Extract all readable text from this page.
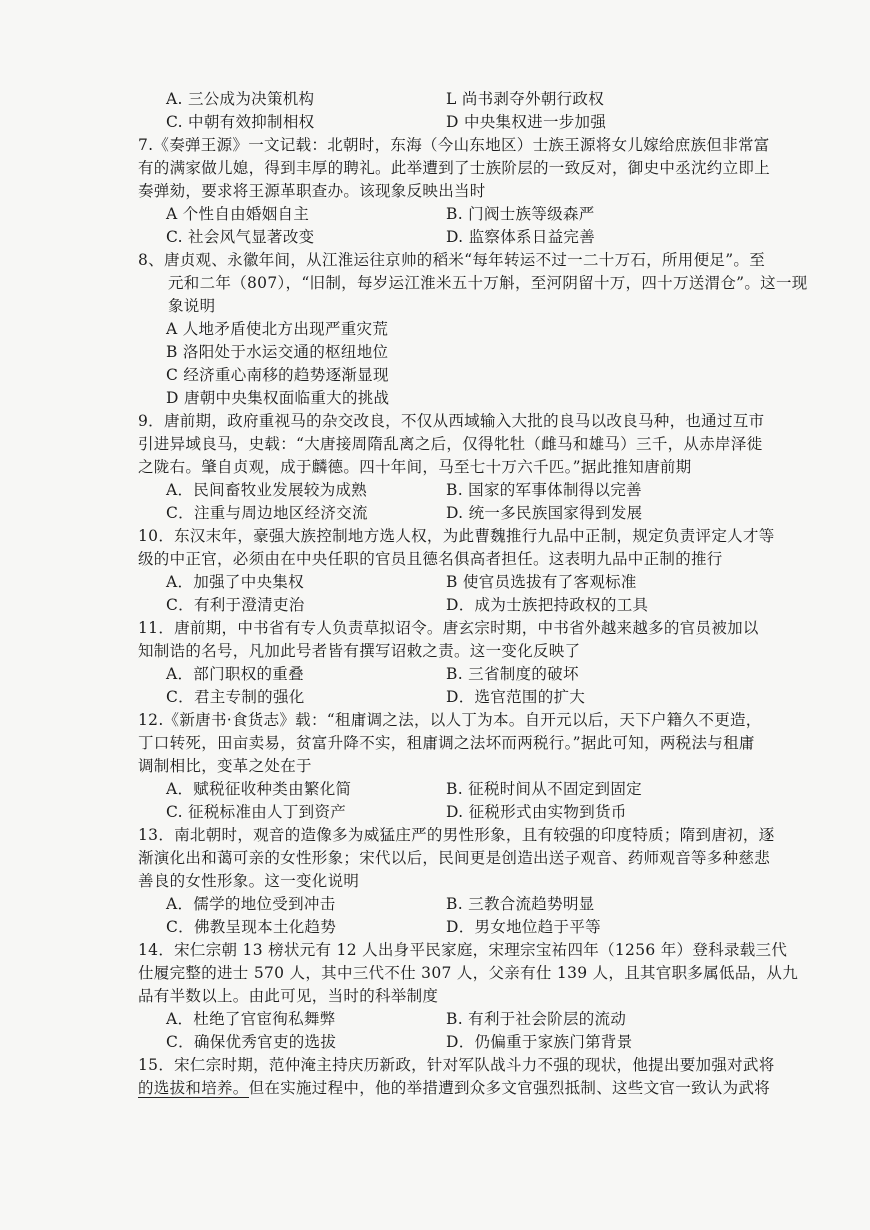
A. 三公成为决策机构	L 尚书剥夺外朝行政权
C. 中朝有效抑制相权	D 中央集权进一步加强
7.《奏弹王源》一文记载：北朝时，东海（今山东地区）士族王源将女儿嫁给庶族但非常富
有的满家做儿媳，得到丰厚的聘礼。此举遭到了士族阶层的一致反对，御史中丞沈约立即上
奏弹劾，要求将王源革职查办。该现象反映出当时
A 个性自由婚姻自主	B. 门阀士族等级森严
C. 社会风气显著改变	D. 监察体系日益完善
8、唐贞观、永徽年间，从江淮运往京帅的稻米“每年转运不过一二十万石，所用便足”。至
元和二年（807），“旧制，每岁运江淮米五十万斛，至河阴留十万，四十万送渭仓”。这一现
象说明
A 人地矛盾使北方出现严重灾荒
B 洛阳处于水运交通的枢纽地位
C 经济重心南移的趋势逐渐显现
D 唐朝中央集权面临重大的挑战
9．唐前期，政府重视马的杂交改良，不仅从西域输入大批的良马以改良马种，也通过互市
引进异域良马，史载：“大唐接周隋乱离之后，仅得牝牡（雌马和雄马）三千，从赤岸泽徙
之陇右。肇自贞观，成于麟德。四十年间，马至七十万六千匹。”据此推知唐前期
A．民间畜牧业发展较为成熟	B. 国家的军事体制得以完善
C．注重与周边地区经济交流	D. 统一多民族国家得到发展
10．东汉末年，豪强大族控制地方选人权，为此曹魏推行九品中正制，规定负责评定人才等
级的中正官，必须由在中央任职的官员且德名俱高者担任。这表明九品中正制的推行
A．加强了中央集权	B 使官员选拔有了客观标准
C．有利于澄清吏治	D．成为士族把持政权的工具
11．唐前期，中书省有专人负责草拟诏令。唐玄宗时期，中书省外越来越多的官员被加以
知制诰的名号，凡加此号者皆有撰写诏敕之责。这一变化反映了
A．部门职权的重叠	B. 三省制度的破坏
C．君主专制的强化	D．选官范围的扩大
12.《新唐书·食货志》载：“租庸调之法，以人丁为本。自开元以后，天下户籍久不更造，
丁口转死，田亩卖易，贫富升降不实，租庸调之法坏而两税行。”据此可知，两税法与租庸
调制相比，变革之处在于
A．赋税征收种类由繁化简	B. 征税时间从不固定到固定
C. 征税标准由人丁到资产	D. 征税形式由实物到货币
13．南北朝时，观音的造像多为威猛庄严的男性形象，且有较强的印度特质；隋到唐初，逐
渐演化出和蔼可亲的女性形象；宋代以后，民间更是创造出送子观音、药师观音等多种慈悲
善良的女性形象。这一变化说明
A．儒学的地位受到冲击	B. 三教合流趋势明显
C．佛教呈现本土化趋势	D．男女地位趋于平等
14．宋仁宗朝 13 榜状元有 12 人出身平民家庭，宋理宗宝祐四年（1256 年）登科录载三代
仕履完整的进士 570 人，其中三代不仕 307 人，父亲有仕 139 人，且其官职多属低品，从九
品有半数以上。由此可见，当时的科举制度
A．杜绝了官宦徇私舞弊	B. 有利于社会阶层的流动
C．确保优秀官吏的选拔	D．仍偏重于家族门第背景
15．宋仁宗时期，范仲淹主持庆历新政，针对军队战斗力不强的现状，他提出要加强对武将
的选拔和培养。但在实施过程中，他的举措遭到众多文官强烈抵制、这些文官一致认为武将
